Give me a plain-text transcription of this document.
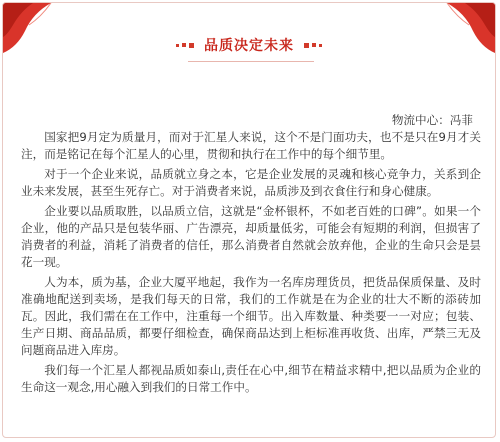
品质决定未来
物流中心：冯菲

国家把9月定为质量月，而对于汇星人来说，这个不是门面功夫，也不是只在9月才关注，而是铭记在每个汇星人的心里，贯彻和执行在工作中的每个细节里。

对于一个企业来说，品质就立身之本，它是企业发展的灵魂和核心竞争力，关系到企业未来发展，甚至生死存亡。对于消费者来说，品质涉及到衣食住行和身心健康。

企业要以品质取胜，以品质立信，这就是“金杯银杯，不如老百姓的口碑”。如果一个企业，他的产品只是包装华丽、广告漂亮，却质量低劣，可能会有短期的利润，但损害了消费者的利益，消耗了消费者的信任，那么消费者自然就会放弃他，企业的生命只会是昙花一现。

人为本，质为基，企业大厦平地起，我作为一名库房理货员，把货品保质保量、及时准确地配送到卖场，是我们每天的日常，我们的工作就是在为企业的壮大不断的添砖加瓦。因此，我们需在在工作中，注重每一个细节。出入库数量、种类要一一对应；包装、生产日期、商品品质，都要仔细检查，确保商品达到上柜标准再收货、出库，严禁三无及问题商品进入库房。

我们每一个汇星人都视品质如泰山,责任在心中,细节在精益求精中,把以品质为企业的生命这一观念,用心融入到我们的日常工作中。
